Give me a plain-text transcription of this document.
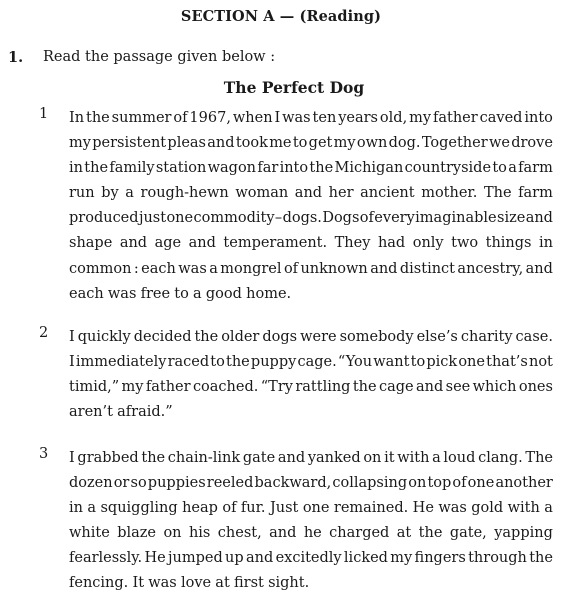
SECTION A — (Reading)
1. Read the passage given below :
The Perfect Dog
1 In the summer of 1967, when I was ten years old, my father caved into
my persistent pleas and took me to get my own dog. Together we drove
in the family station wagon far into the Michigan countryside to a farm
run by a rough-hewn woman and her ancient mother. The farm
produced just one commodity – dogs. Dogs of every imaginable size and
shape and age and temperament. They had only two things in
common : each was a mongrel of unknown and distinct ancestry, and
each was free to a good home.
2 I quickly decided the older dogs were somebody else’s charity case.
I immediately raced to the puppy cage. “You want to pick one that’s not
timid,” my father coached. “Try rattling the cage and see which ones
aren’t afraid.”
3 I grabbed the chain-link gate and yanked on it with a loud clang. The
dozen or so puppies reeled backward, collapsing on top of one another
in a squiggling heap of fur. Just one remained. He was gold with a
white blaze on his chest, and he charged at the gate, yapping
fearlessly. He jumped up and excitedly licked my fingers through the
fencing. It was love at first sight.
